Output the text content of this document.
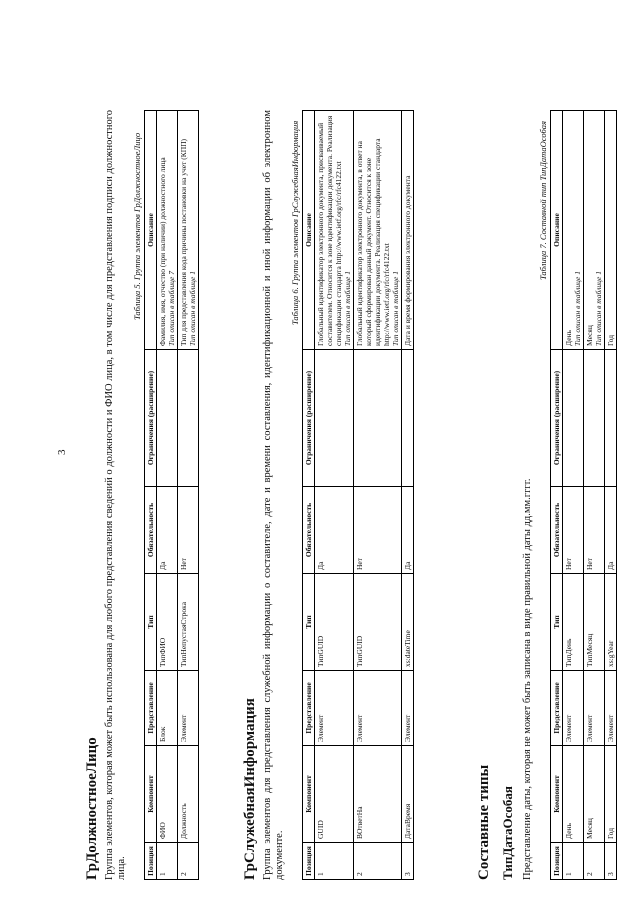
3
ГрДолжностноеЛицо Группа элементов, которая может быть использована для любого представления сведений о должности и ФИО лица, в том числе для представления подписи должностного лица.
Таблица 5. Группа элементов ГрДолжностноеЛицо
Позиция	Компонент	Представление	Тип	Обязательность	Ограничения (расширение)	Описание
1	ФИО	Блок	ТипФИО	Да		Фамилия, имя, отчество (при наличии) должностного лица
Тип описан в таблице 7
2	Должность	Элемент	ТипНепустаяСтрока	Нет		Тип для представления кода причины постановки на учет (КПП)
Тип описан в таблице 1
ГрСлужебнаяИнформация Группа элементов для представления служебной информации о составителе, дате и времени составления, идентификационной и иной информации об электронном документе.
Таблица 6. Группа элементов ГрСлужебнаяИнформация
Позиция	Компонент	Представление	Тип	Обязательность	Ограничения (расширение)	Описание
1	GUID	Элемент	ТипGUID	Да		Глобальный идентификатор электронного документа, присваиваемый составителем. Относится к зоне идентификации документа. Реализация спецификации стандарта http://www.ietf.org/rfc/rfc4122.txt
Тип описан в таблице 1
2	ВОтветНа	Элемент	ТипGUID	Нет		Глобальный идентификатор электронного документа, в ответ на который сформирован данный документ. Относится к зоне идентификации документа. Реализация спецификации стандарта http://www.ietf.org/rfc/rfc4122.txt
Тип описан в таблице 1
3	ДатаВремя	Элемент	xs:dateTime	Да		Дата и время формирования электронного документа
Составные типы ТипДатаОсобая Представление даты, которая не может быть записана в виде правильной даты дд.мм.гггг.
Таблица 7. Составной тип ТипДатаОсобая
Позиция	Компонент	Представление	Тип	Обязательность	Ограничения (расширение)	Описание
1	День	Элемент	ТипДень	Нет		День
Тип описан в таблице 1
2	Месяц	Элемент	ТипМесяц	Нет		Месяц
Тип описан в таблице 1
3	Год	Элемент	xs:gYear	Да		Год
